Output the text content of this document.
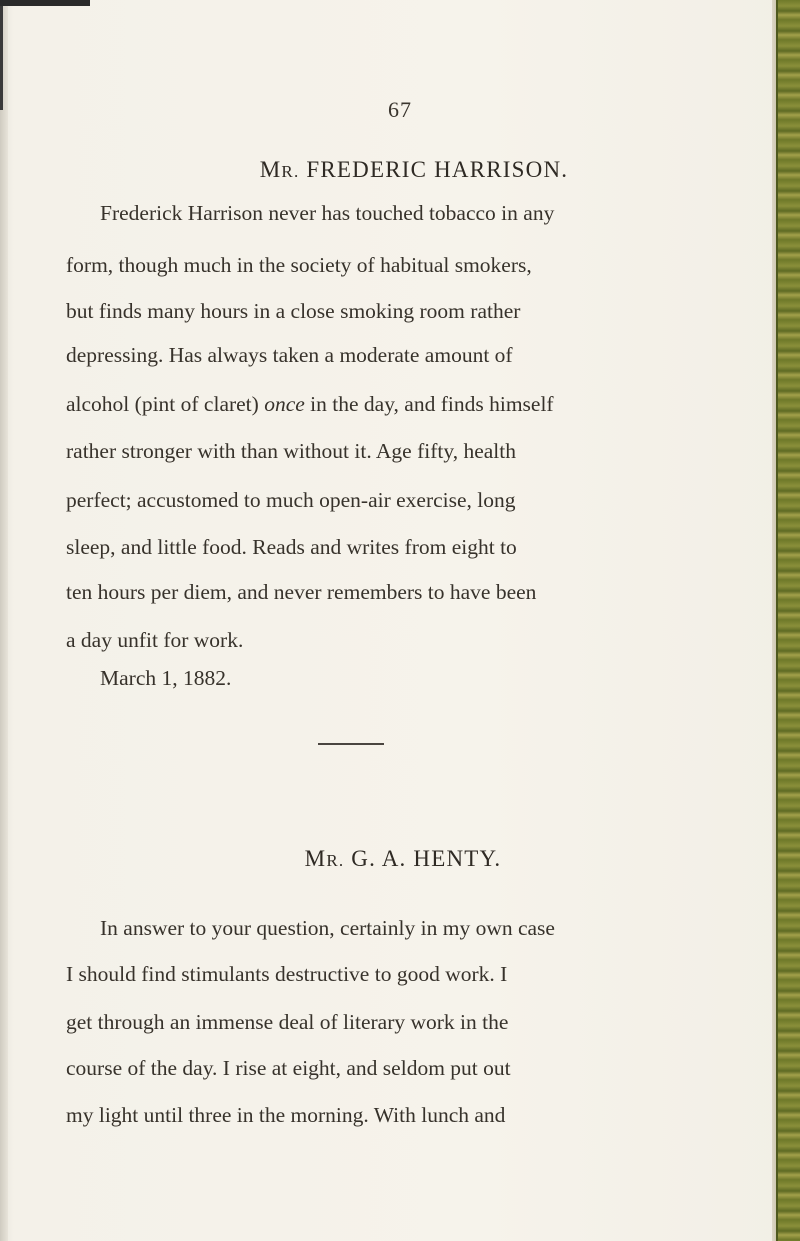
67
MR. FREDERIC HARRISON.
Frederick Harrison never has touched tobacco in any
form, though much in the society of habitual smokers,
but finds many hours in a close smoking room rather
depressing. Has always taken a moderate amount of
alcohol (pint of claret) once in the day, and finds himself
rather stronger with than without it. Age fifty, health
perfect; accustomed to much open-air exercise, long
sleep, and little food. Reads and writes from eight to
ten hours per diem, and never remembers to have been
a day unfit for work.
March 1, 1882.
MR. G. A. HENTY.
In answer to your question, certainly in my own case
I should find stimulants destructive to good work. I
get through an immense deal of literary work in the
course of the day. I rise at eight, and seldom put out
my light until three in the morning. With lunch and
